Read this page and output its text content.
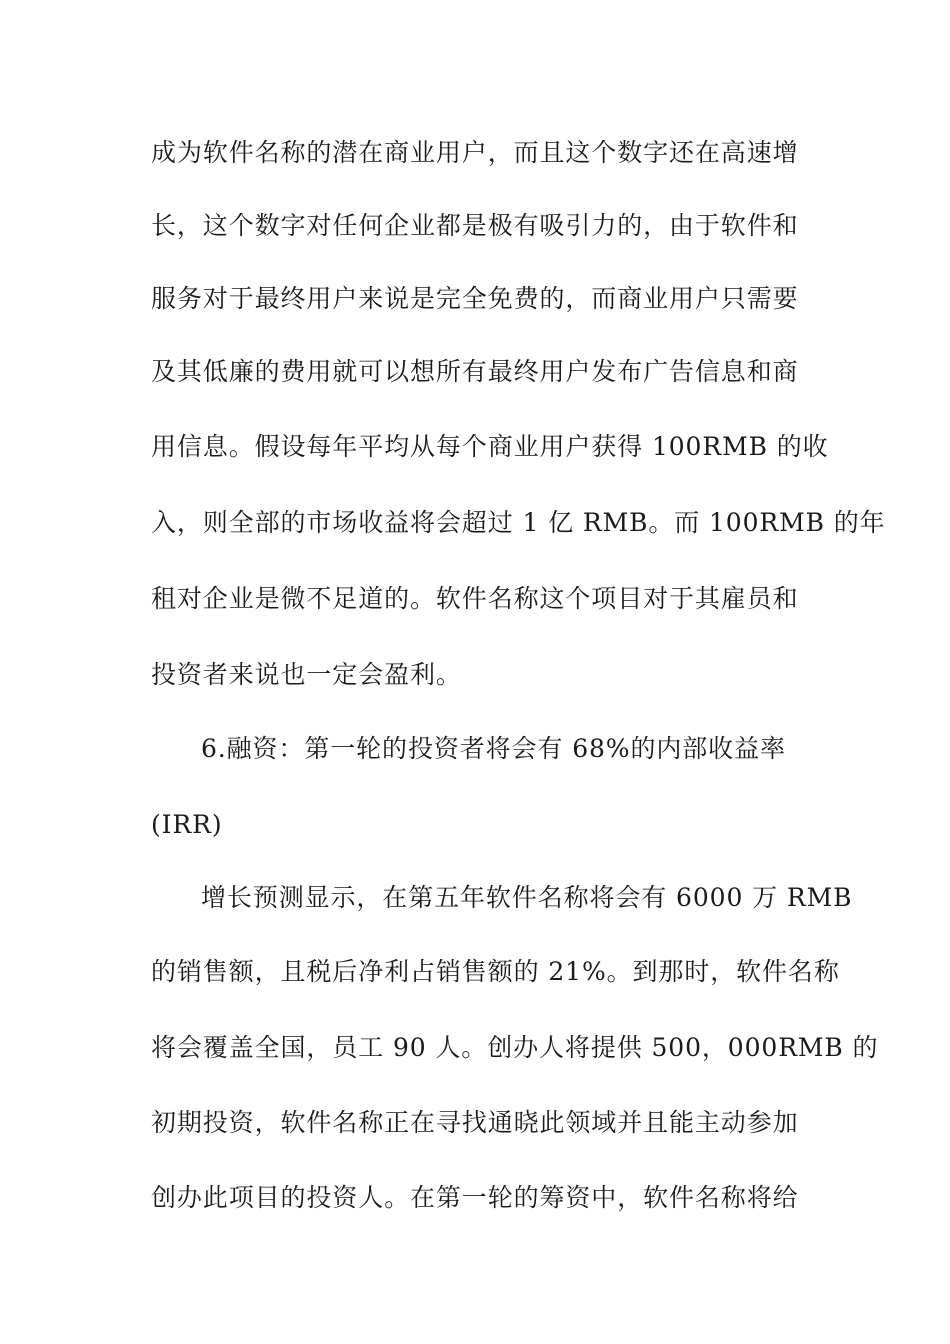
成为软件名称的潜在商业用户，而且这个数字还在高速增

长，这个数字对任何企业都是极有吸引力的，由于软件和

服务对于最终用户来说是完全免费的，而商业用户只需要

及其低廉的费用就可以想所有最终用户发布广告信息和商

用信息。假设每年平均从每个商业用户获得 100RMB 的收

入，则全部的市场收益将会超过 1 亿 RMB。而 100RMB 的年

租对企业是微不足道的。软件名称这个项目对于其雇员和

投资者来说也一定会盈利。

6.融资：第一轮的投资者将会有 68%的内部收益率

(IRR)

增长预测显示，在第五年软件名称将会有 6000 万 RMB

的销售额，且税后净利占销售额的 21%。到那时，软件名称

将会覆盖全国，员工 90 人。创办人将提供 500，000RMB 的

初期投资，软件名称正在寻找通晓此领域并且能主动参加

创办此项目的投资人。在第一轮的筹资中，软件名称将给
